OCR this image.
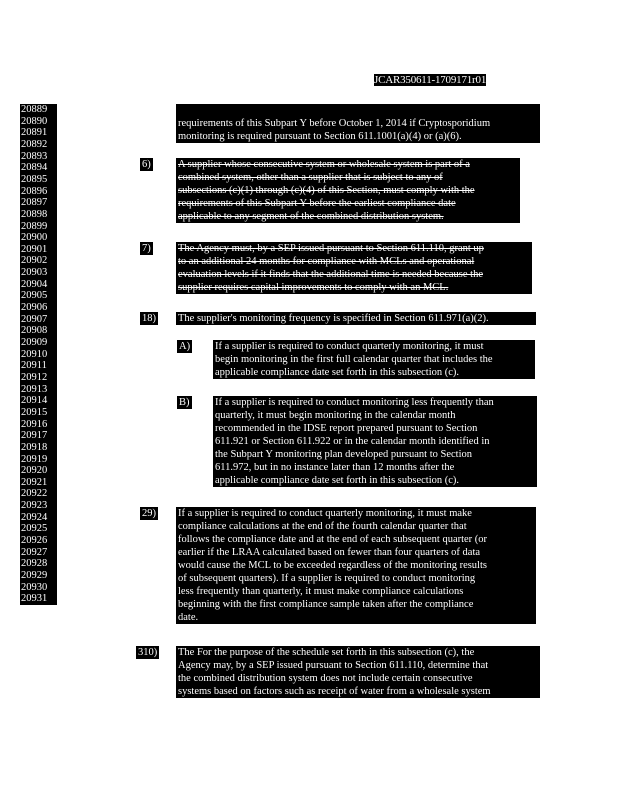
JCAR350611-1709171r01
20889
20890
20891
20892
20893
20894
20895
20896
20897
20898
20899
20900
20901
20902
20903
20904
20905
20906
20907
20908
20909
20910
20911
20912
20913
20914
20915
20916
20917
20918
20919
20920
20921
20922
20923
20924
20925
20926
20927
20928
20929
20930
20931
requirements of this Subpart Y before October 1, 2014 if Cryptosporidium
monitoring is required pursuant to Section 611.1001(a)(4) or (a)(6).
6)	A supplier whose consecutive system or wholesale system is part of a
combined system, other than a supplier that is subject to any of
subsections (c)(1) through (c)(4) of this Section, must comply with the
requirements of this Subpart Y before the earliest compliance date
applicable to any segment of the combined distribution system.
7)	The Agency must, by a SEP issued pursuant to Section 611.110, grant up
to an additional 24 months for compliance with MCLs and operational
evaluation levels if it finds that the additional time is needed because the
supplier requires capital improvements to comply with an MCL.
18) The supplier's monitoring frequency is specified in Section 611.971(a)(2).
A) If a supplier is required to conduct quarterly monitoring, it must
begin monitoring in the first full calendar quarter that includes the
applicable compliance date set forth in this subsection (c).
B) If a supplier is required to conduct monitoring less frequently than
quarterly, it must begin monitoring in the calendar month
recommended in the IDSE report prepared pursuant to Section
611.921 or Section 611.922 or in the calendar month identified in
the Subpart Y monitoring plan developed pursuant to Section
611.972, but in no instance later than 12 months after the
applicable compliance date set forth in this subsection (c).
29) If a supplier is required to conduct quarterly monitoring, it must make
compliance calculations at the end of the fourth calendar quarter that
follows the compliance date and at the end of each subsequent quarter (or
earlier if the LRAA calculated based on fewer than four quarters of data
would cause the MCL to be exceeded regardless of the monitoring results
of subsequent quarters). If a supplier is required to conduct monitoring
less frequently than quarterly, it must make compliance calculations
beginning with the first compliance sample taken after the compliance
date.
310) The For the purpose of the schedule set forth in this subsection (c), the
Agency may, by a SEP issued pursuant to Section 611.110, determine that
the combined distribution system does not include certain consecutive
systems based on factors such as receipt of water from a wholesale system
